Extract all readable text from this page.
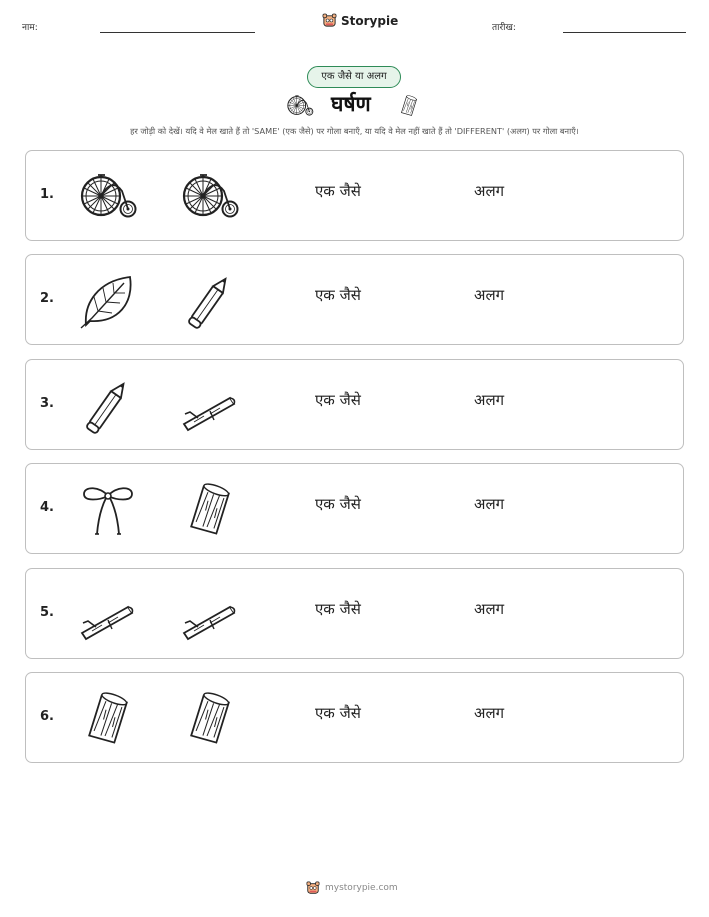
नाम:
Storypie
तारीख:
एक जैसे या अलग
घर्षण
हर जोड़ी को देखें। यदि वे मेल खाते हैं तो 'SAME' (एक जैसे) पर गोला बनाएँ, या यदि वे मेल नहीं खाते हैं तो 'DIFFERENT' (अलग) पर गोला बनाएँ।
1.	एक जैसे	अलग
2.	एक जैसे	अलग
3.	एक जैसे	अलग
4.	एक जैसे	अलग
5.	एक जैसे	अलग
6.	एक जैसे	अलग
mystorypie.com
